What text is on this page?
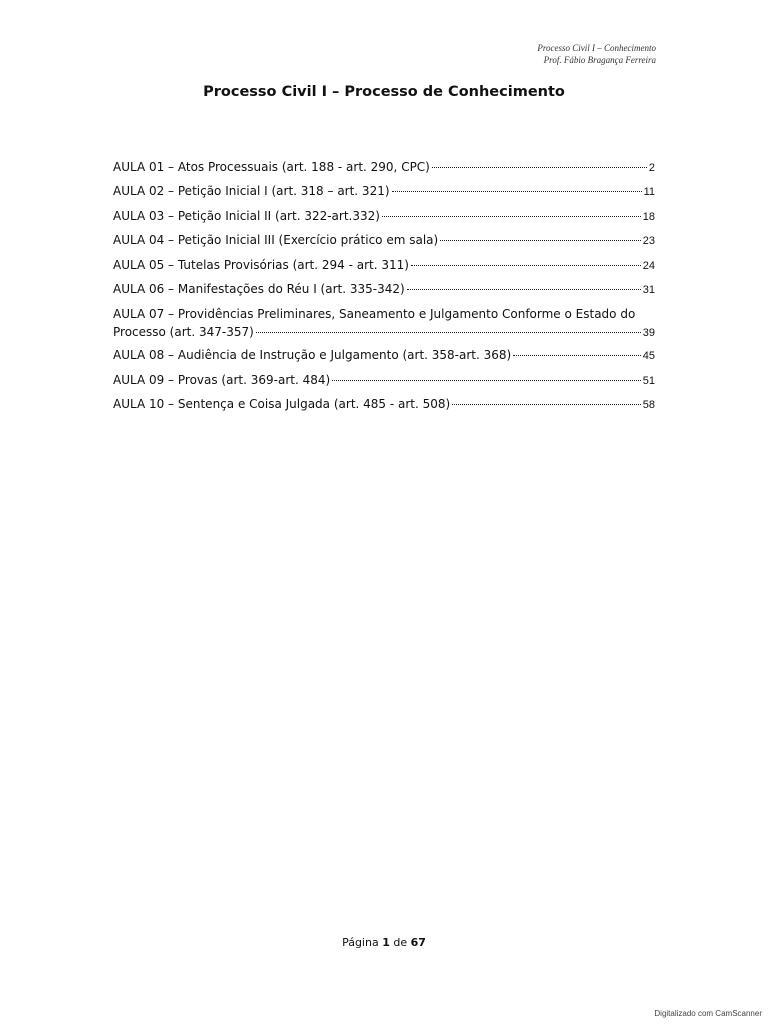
Processo Civil I – Conhecimento
Prof. Fábio Bragança Ferreira
Processo Civil I – Processo de Conhecimento
AULA 01 – Atos Processuais (art. 188 - art. 290, CPC)	2
AULA 02 – Petição Inicial I (art. 318 – art. 321)	11
AULA 03 – Petição Inicial II (art. 322-art.332)	18
AULA 04 – Petição Inicial III (Exercício prático em sala)	23
AULA 05 – Tutelas Provisórias (art. 294 - art. 311)	24
AULA 06 – Manifestações do Réu I (art. 335-342)	31
AULA 07 – Providências Preliminares, Saneamento e Julgamento Conforme o Estado do
Processo (art. 347-357)	39
AULA 08 – Audiência de Instrução e Julgamento (art. 358-art. 368)	45
AULA 09 – Provas (art. 369-art. 484)	51
AULA 10 – Sentença e Coisa Julgada (art. 485 - art. 508)	58
Página 1 de 67
Digitalizado com CamScanner
